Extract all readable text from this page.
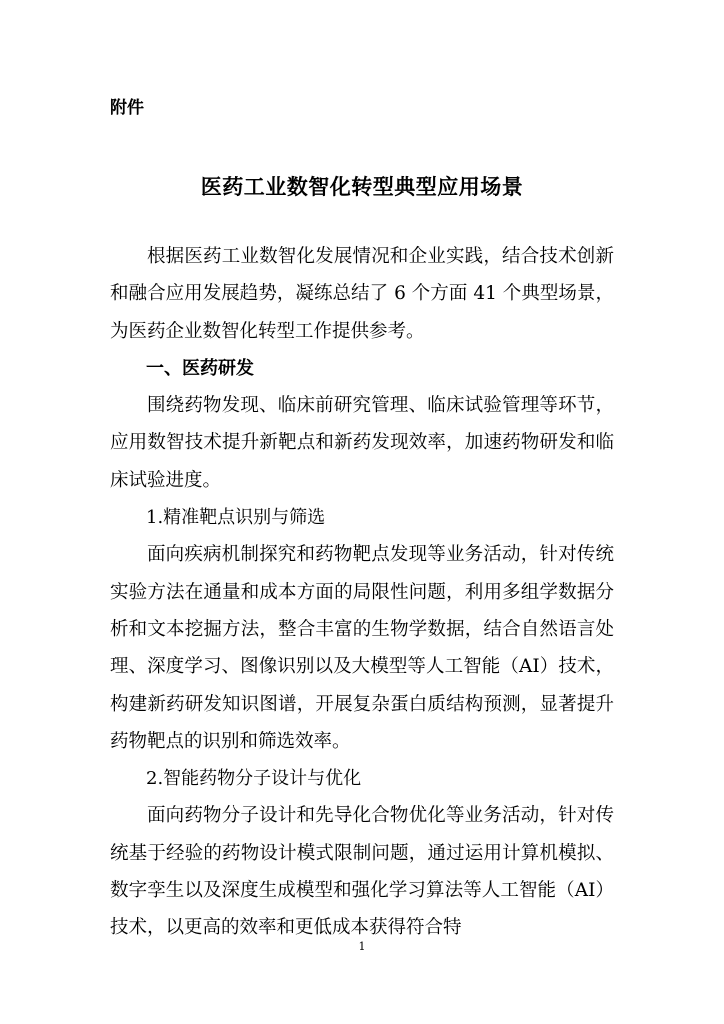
附件
医药工业数智化转型典型应用场景

根据医药工业数智化发展情况和企业实践，结合技术创新和融合应用发展趋势，凝练总结了 6 个方面 41 个典型场景，为医药企业数智化转型工作提供参考。

一、医药研发

围绕药物发现、临床前研究管理、临床试验管理等环节，应用数智技术提升新靶点和新药发现效率，加速药物研发和临床试验进度。

1.精准靶点识别与筛选

面向疾病机制探究和药物靶点发现等业务活动，针对传统实验方法在通量和成本方面的局限性问题，利用多组学数据分析和文本挖掘方法，整合丰富的生物学数据，结合自然语言处理、深度学习、图像识别以及大模型等人工智能（AI）技术，构建新药研发知识图谱，开展复杂蛋白质结构预测，显著提升药物靶点的识别和筛选效率。

2.智能药物分子设计与优化

面向药物分子设计和先导化合物优化等业务活动，针对传统基于经验的药物设计模式限制问题，通过运用计算机模拟、数字孪生以及深度生成模型和强化学习算法等人工智能（AI）技术，以更高的效率和更低成本获得符合特

1
